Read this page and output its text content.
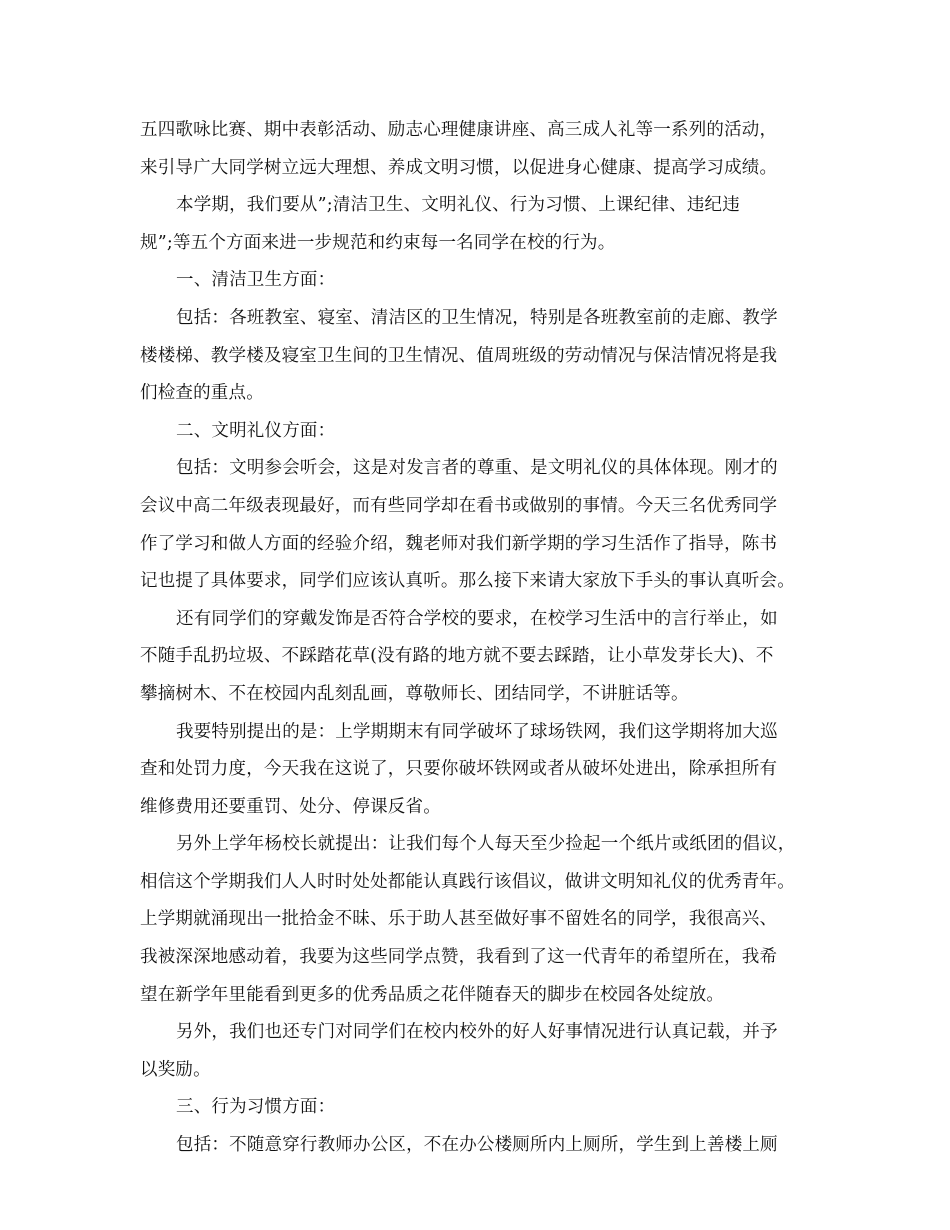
五四歌咏比赛、期中表彰活动、励志心理健康讲座、高三成人礼等一系列的活动，

来引导广大同学树立远大理想、养成文明习惯，以促进身心健康、提高学习成绩。

本学期，我们要从”;清洁卫生、文明礼仪、行为习惯、上课纪律、违纪违

规”;等五个方面来进一步规范和约束每一名同学在校的行为。

一、清洁卫生方面：

包括：各班教室、寝室、清洁区的卫生情况，特别是各班教室前的走廊、教学

楼楼梯、教学楼及寝室卫生间的卫生情况、值周班级的劳动情况与保洁情况将是我

们检查的重点。

二、文明礼仪方面：

包括：文明参会听会，这是对发言者的尊重、是文明礼仪的具体体现。刚才的

会议中高二年级表现最好，而有些同学却在看书或做别的事情。今天三名优秀同学

作了学习和做人方面的经验介绍，魏老师对我们新学期的学习生活作了指导，陈书

记也提了具体要求，同学们应该认真听。那么接下来请大家放下手头的事认真听会。

还有同学们的穿戴发饰是否符合学校的要求，在校学习生活中的言行举止，如

不随手乱扔垃圾、不踩踏花草(没有路的地方就不要去踩踏，让小草发芽长大)、不

攀摘树木、不在校园内乱刻乱画，尊敬师长、团结同学，不讲脏话等。

我要特别提出的是：上学期期末有同学破坏了球场铁网，我们这学期将加大巡

查和处罚力度，今天我在这说了，只要你破坏铁网或者从破坏处进出，除承担所有

维修费用还要重罚、处分、停课反省。

另外上学年杨校长就提出：让我们每个人每天至少捡起一个纸片或纸团的倡议，

相信这个学期我们人人时时处处都能认真践行该倡议，做讲文明知礼仪的优秀青年。

上学期就涌现出一批拾金不昧、乐于助人甚至做好事不留姓名的同学，我很高兴、

我被深深地感动着，我要为这些同学点赞，我看到了这一代青年的希望所在，我希

望在新学年里能看到更多的优秀品质之花伴随春天的脚步在校园各处绽放。

另外，我们也还专门对同学们在校内校外的好人好事情况进行认真记载，并予

以奖励。

三、行为习惯方面：

包括：不随意穿行教师办公区，不在办公楼厕所内上厕所，学生到上善楼上厕
